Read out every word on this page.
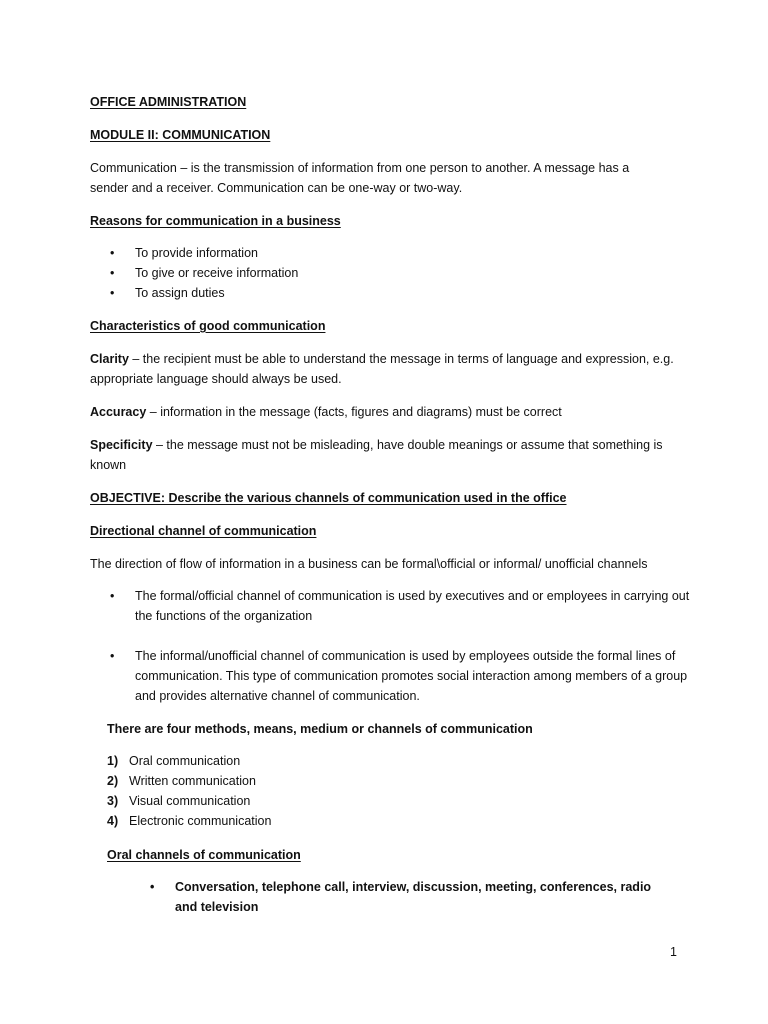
OFFICE ADMINISTRATION
MODULE II: COMMUNICATION

Communication – is the transmission of information from one person to another. A message has a sender and a receiver. Communication can be one-way or two-way.

Reasons for communication in a business
• To provide information
• To give or receive information
• To assign duties
Characteristics of good communication

Clarity – the recipient must be able to understand the message in terms of language and expression, e.g. appropriate language should always be used.

Accuracy – information in the message (facts, figures and diagrams) must be correct

Specificity – the message must not be misleading, have double meanings or assume that something is known

OBJECTIVE: Describe the various channels of communication used in the office
Directional channel of communication

The direction of flow of information in a business can be formal\official or informal/ unofficial channels

• The formal/official channel of communication is used by executives and or employees in carrying out the functions of the organization
• The informal/unofficial channel of communication is used by employees outside the formal lines of communication. This type of communication promotes social interaction among members of a group and provides alternative channel of communication.
There are four methods, means, medium or channels of communication
1) Oral communication
2) Written communication
3) Visual communication
4) Electronic communication
Oral channels of communication
• Conversation, telephone call, interview, discussion, meeting, conferences, radio and television
1
